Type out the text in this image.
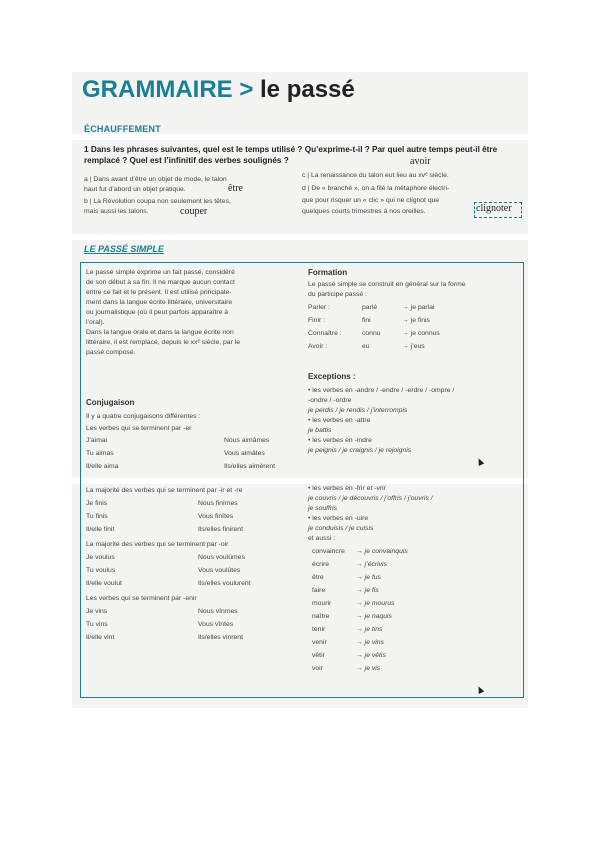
GRAMMAIRE > le passé
ÉCHAUFFEMENT
1 Dans les phrases suivantes, quel est le temps utilisé ? Qu’exprime-t-il ? Par quel autre temps peut-il être remplacé ? Quel est l’infinitif des verbes soulignés ?	avoir
a | Dans avant d’être un objet de mode, le talon
haut fut d’abord un objet pratique.	être
b | La Révolution coupa non seulement les têtes,
mais aussi les talons.	couper
c | La renaissance du talon eut lieu au xvᵉ siècle.
d | De « branché », on a filé la métaphore électri-
que pour risquer un « clic » qui ne clignot que
quelques courts trimestres à nos oreilles.	clignoter
LE PASSÉ SIMPLE
Le passé simple exprime un fait passé, considéré
de son début à sa fin. Il ne marque aucun contact
entre ce fait et le présent. Il est utilisé principale-
ment dans la langue écrite littéraire, universitaire
ou journalistique (où il peut parfois apparaître à
l’oral).
Dans la langue orale et dans la langue écrite non
littéraire, il est remplacé, depuis le xxᵉ siècle, par le
passé composé.
Conjugaison
Il y a quatre conjugaisons différentes :
Les verbes qui se terminent par -er
J’aimai	Nous aimâmes
Tu aimas	Vous aimâtes
Il/elle aima	Ils/elles aimèrent
La majorité des verbes qui se terminent par -ir et -re
Je finis	Nous finîmes
Tu finis	Vous finîtes
Il/elle finit	Ils/elles finirent
La majorité des verbes qui se terminent par -oir
Je voulus	Nous voulûmes
Tu voulus	Vous voulûtes
Il/elle voulut	Ils/elles voulurent
Les verbes qui se terminent par -enir
Je vins	Nous vînmes
Tu vins	Vous vîntes
Il/elle vint	Ils/elles vinrent
Formation
Le passé simple se construit en général sur la forme
du participe passé :
Parler :	parlé	→ je parlai
Finir :	fini	→ je finis
Connaître :	connu	→ je connus
Avoir :	eu	→ j’eus
Exceptions :
• les verbes en -andre / -endre / -erdre / -ompre /
-ondre / -ordre
je perdis / je rendis / j’interrompis
• les verbes en -attre
je battis
• les verbes en -indre
je peignis / je craignis / je rejoignis
• les verbes en -frir et -vrir
je couvris / je découvris / j’offris / j’ouvris /
je souffris
• les verbes en -uire
je conduisis / je cuisis
et aussi :
convaincre → je convainquis
écrire	→ j’écrivis
être	→ je fus
faire	→ je fis
mourir	→ je mourus
naître	→ je naquis
tenir	→ je tins
venir	→ je vins
vêtir	→ je vêtis
voir	→ je vis
